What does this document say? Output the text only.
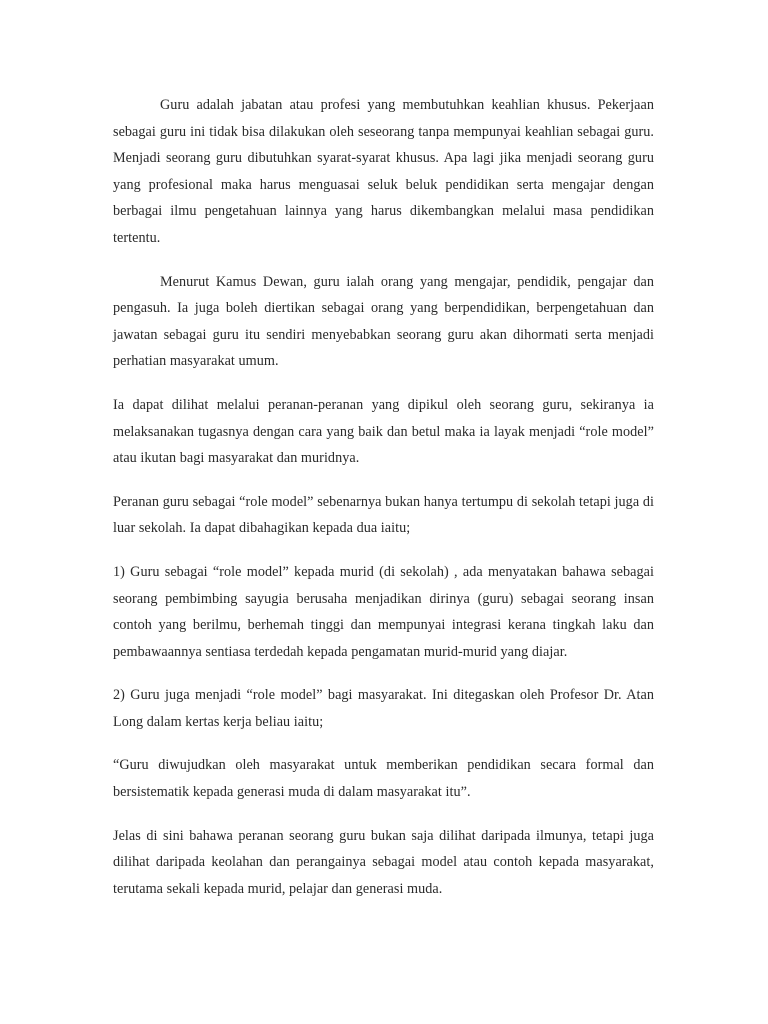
Guru adalah jabatan atau profesi yang membutuhkan keahlian khusus. Pekerjaan sebagai guru ini tidak bisa dilakukan oleh seseorang tanpa mempunyai keahlian sebagai guru. Menjadi seorang guru dibutuhkan syarat-syarat khusus. Apa lagi jika menjadi seorang guru yang profesional maka harus menguasai seluk beluk pendidikan serta mengajar dengan berbagai ilmu pengetahuan lainnya yang harus dikembangkan melalui masa pendidikan tertentu.

Menurut Kamus Dewan, guru ialah orang yang mengajar, pendidik, pengajar dan pengasuh. Ia juga boleh diertikan sebagai orang yang berpendidikan, berpengetahuan dan jawatan sebagai guru itu sendiri menyebabkan seorang guru akan dihormati serta menjadi perhatian masyarakat umum.

Ia dapat dilihat melalui peranan-peranan yang dipikul oleh seorang guru, sekiranya ia melaksanakan tugasnya dengan cara yang baik dan betul maka ia layak menjadi “role model” atau ikutan bagi masyarakat dan muridnya.

Peranan guru sebagai “role model” sebenarnya bukan hanya tertumpu di sekolah tetapi juga di luar sekolah. Ia dapat dibahagikan kepada dua iaitu;

1) Guru sebagai “role model” kepada murid (di sekolah) , ada menyatakan bahawa sebagai seorang pembimbing sayugia berusaha menjadikan dirinya (guru) sebagai seorang insan contoh yang berilmu, berhemah tinggi dan mempunyai integrasi kerana tingkah laku dan pembawaannya sentiasa terdedah kepada pengamatan murid-murid yang diajar.

2) Guru juga menjadi “role model” bagi masyarakat. Ini ditegaskan oleh Profesor Dr. Atan Long dalam kertas kerja beliau iaitu;

“Guru diwujudkan oleh masyarakat untuk memberikan pendidikan secara formal dan bersistematik kepada generasi muda di dalam masyarakat itu”.

Jelas di sini bahawa peranan seorang guru bukan saja dilihat daripada ilmunya, tetapi juga dilihat daripada keolahan dan perangainya sebagai model atau contoh kepada masyarakat, terutama sekali kepada murid, pelajar dan generasi muda.
